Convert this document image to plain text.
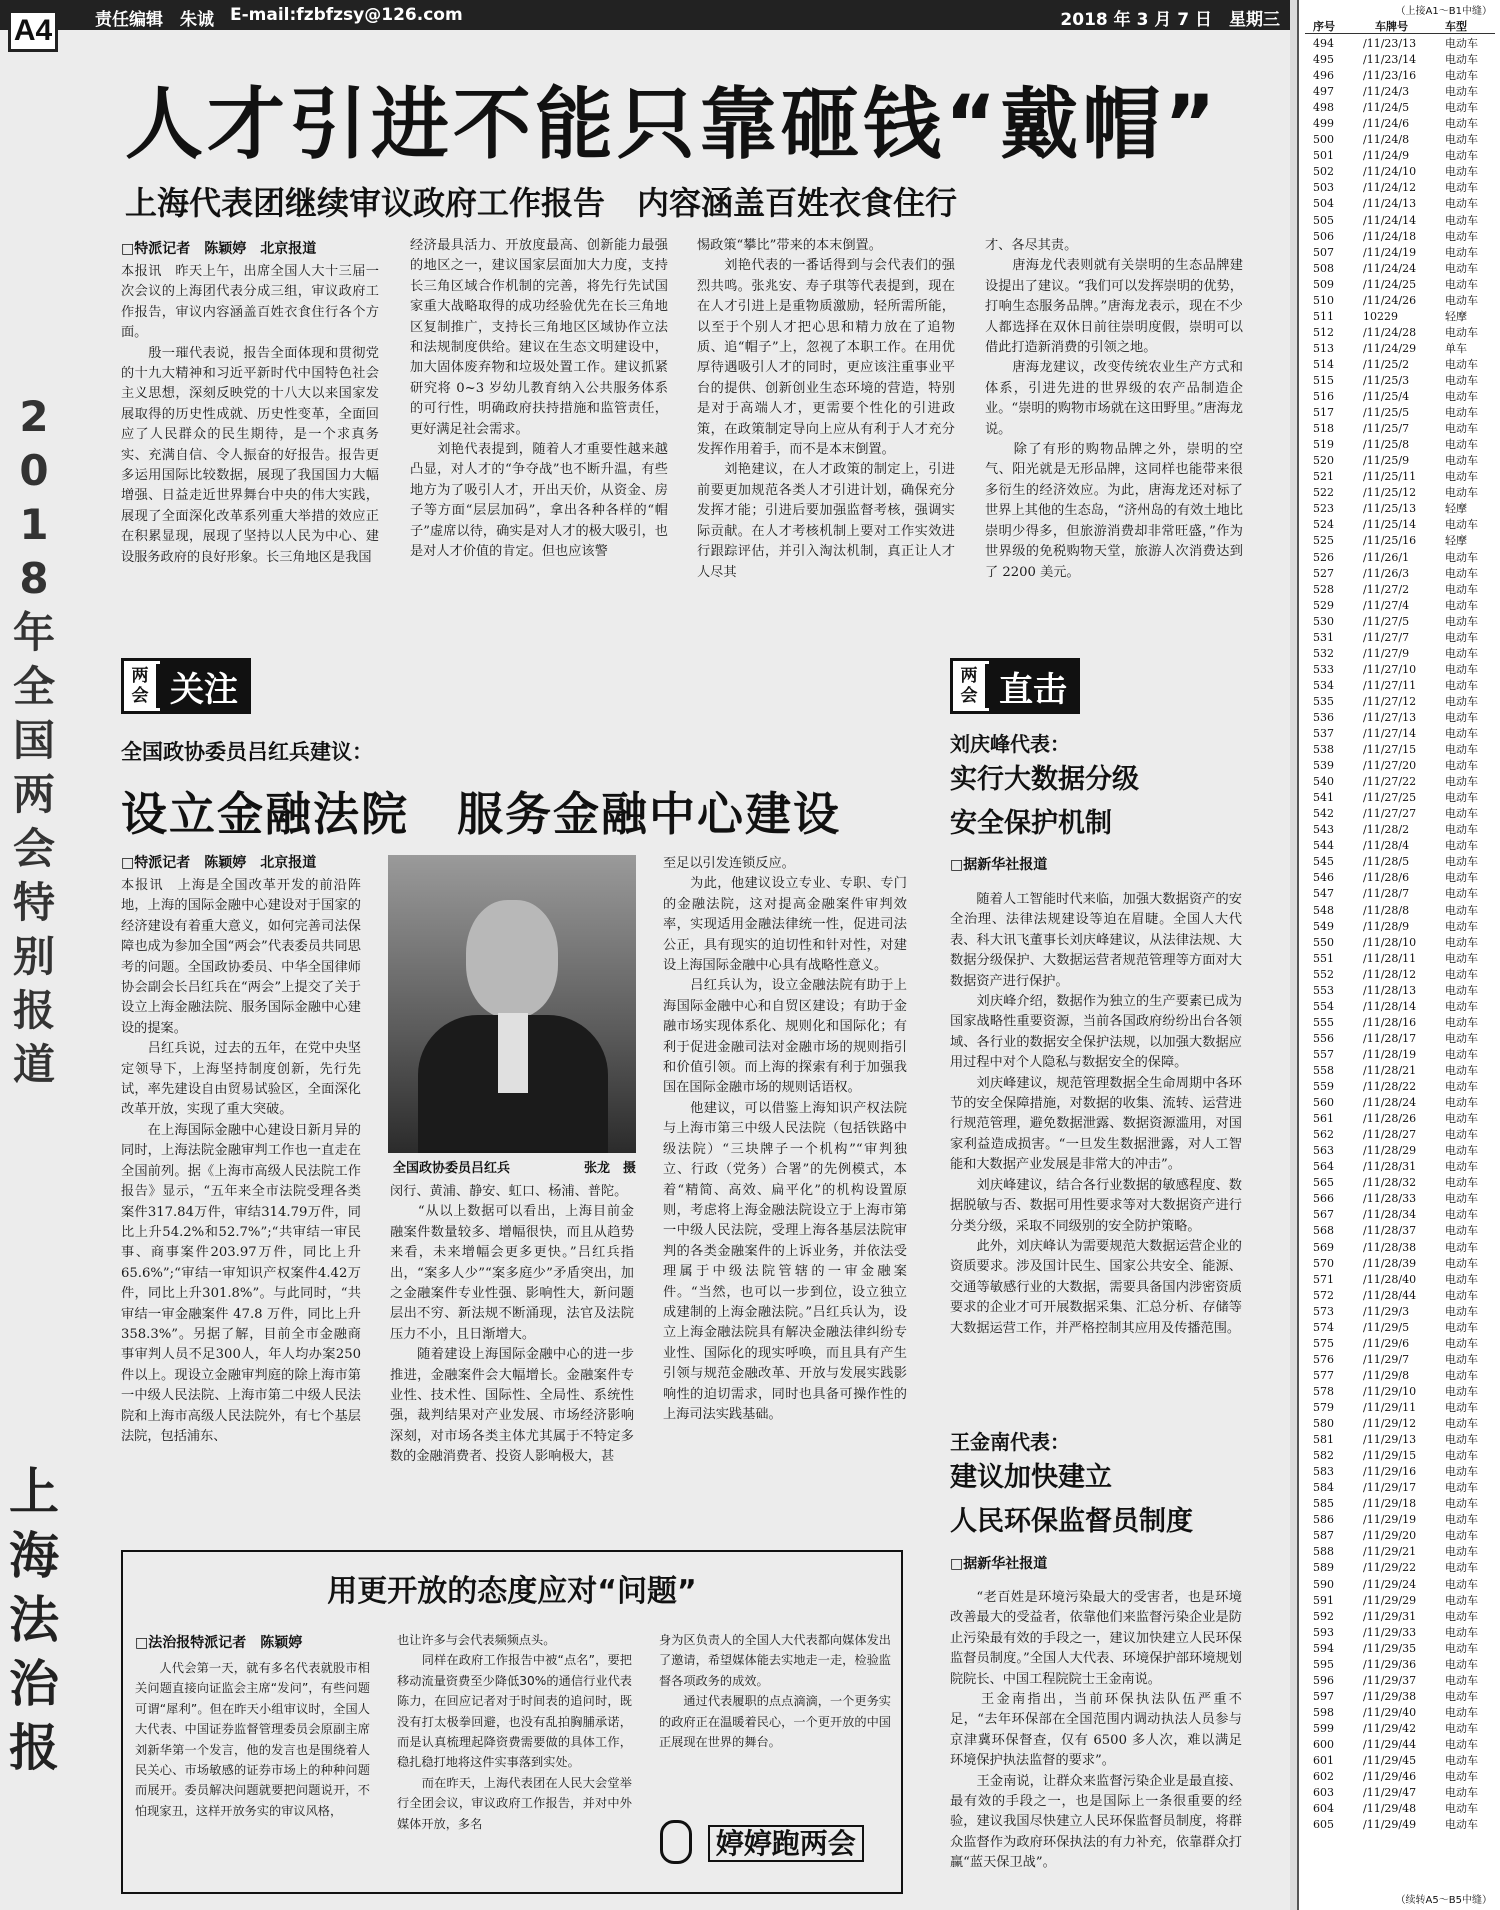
A4	责任编辑　朱诚 E-mail:fzbfzsy@126.com	2018 年 3 月 7 日　星期三
2
0
1
8
年
全
国
两
会
特
别
报
道
上
海
法
治
报
人才引进不能只靠砸钱“戴帽”
上海代表团继续审议政府工作报告　内容涵盖百姓衣食住行
□特派记者　陈颖婷　北京报道
本报讯　昨天上午，出席全国人大十三届一次会议的上海团代表分成三组，审议政府工作报告，审议内容涵盖百姓衣食住行各个方面。
　　殷一璀代表说，报告全面体现和贯彻党的十九大精神和习近平新时代中国特色社会主义思想，深刻反映党的十八大以来国家发展取得的历史性成就、历史性变革，全面回应了人民群众的民生期待，是一个求真务实、充满自信、令人振奋的好报告。报告更多运用国际比较数据，展现了我国国力大幅增强、日益走近世界舞台中央的伟大实践，展现了全面深化改革系列重大举措的效应正在积累显现，展现了坚持以人民为中心、建设服务政府的良好形象。长三角地区是我国
经济最具活力、开放度最高、创新能力最强的地区之一，建议国家层面加大力度，支持长三角区域合作机制的完善，将先行先试国家重大战略取得的成功经验优先在长三角地区复制推广，支持长三角地区区域协作立法和法规制度供给。建议在生态文明建设中，加大固体废弃物和垃圾处置工作。建议抓紧研究将 0~3 岁幼儿教育纳入公共服务体系的可行性，明确政府扶持措施和监管责任，更好满足社会需求。
　　刘艳代表提到，随着人才重要性越来越凸显，对人才的“争夺战”也不断升温，有些地方为了吸引人才，开出天价，从资金、房子等方面“层层加码”，拿出各种各样的“帽子”虚席以待，确实是对人才的极大吸引，也是对人才价值的肯定。但也应该警
惕政策“攀比”带来的本末倒置。
　　刘艳代表的一番话得到与会代表们的强烈共鸣。张兆安、寿子琪等代表提到，现在在人才引进上是重物质激励，轻所需所能，以至于个别人才把心思和精力放在了追物质、追“帽子”上，忽视了本职工作。在用优厚待遇吸引人才的同时，更应该注重事业平台的提供、创新创业生态环境的营造，特别是对于高端人才，更需要个性化的引进政策，在政策制定导向上应从有利于人才充分发挥作用着手，而不是本末倒置。
　　刘艳建议，在人才政策的制定上，引进前要更加规范各类人才引进计划，确保充分发挥才能；引进后要加强监督考核，强调实际贡献。在人才考核机制上要对工作实效进行跟踪评估，并引入淘汰机制，真正让人才人尽其
才、各尽其责。
　　唐海龙代表则就有关崇明的生态品牌建设提出了建议。“我们可以发挥崇明的优势，打响生态服务品牌。”唐海龙表示，现在不少人都选择在双休日前往崇明度假，崇明可以借此打造新消费的引领之地。
　　唐海龙建议，改变传统农业生产方式和体系，引进先进的世界级的农产品制造企业。“崇明的购物市场就在这田野里。”唐海龙说。
　　除了有形的购物品牌之外，崇明的空气、阳光就是无形品牌，这同样也能带来很多衍生的经济效应。为此，唐海龙还对标了世界上其他的生态岛，“济州岛的有效土地比崇明少得多，但旅游消费却非常旺盛，”作为世界级的免税购物天堂，旅游人次消费达到了 2200 美元。
两会 关注
全国政协委员吕红兵建议：
设立金融法院　服务金融中心建设
□特派记者　陈颖婷　北京报道
本报讯　上海是全国改革开发的前沿阵地，上海的国际金融中心建设对于国家的经济建设有着重大意义，如何完善司法保障也成为参加全国“两会”代表委员共同思考的问题。全国政协委员、中华全国律师协会副会长吕红兵在“两会”上提交了关于设立上海金融法院、服务国际金融中心建设的提案。
　　吕红兵说，过去的五年，在党中央坚定领导下，上海坚持制度创新，先行先试，率先建设自由贸易试验区，全面深化改革开放，实现了重大突破。
　　在上海国际金融中心建设日新月异的同时，上海法院金融审判工作也一直走在全国前列。据《上海市高级人民法院工作报告》显示，“五年来全市法院受理各类案件317.84万件，审结314.79万件，同比上升54.2%和52.7%”;“共审结一审民事、商事案件203.97万件，同比上升65.6%”;“审结一审知识产权案件4.42万件，同比上升301.8%”。与此同时，“共审结一审金融案件 47.8 万件，同比上升358.3%”。另据了解，目前全市金融商事审判人员不足300人，年人均办案250件以上。现设立金融审判庭的除上海市第一中级人民法院、上海市第二中级人民法院和上海市高级人民法院外，有七个基层法院，包括浦东、
全国政协委员吕红兵	张龙　摄
闵行、黄浦、静安、虹口、杨浦、普陀。
　　“从以上数据可以看出，上海目前金融案件数量较多、增幅很快，而且从趋势来看，未来增幅会更多更快。”吕红兵指出，“案多人少”“案多庭少”矛盾突出，加之金融案件专业性强、影响性大，新问题层出不穷、新法规不断涌现，法官及法院压力不小，且日渐增大。
　　随着建设上海国际金融中心的进一步推进，金融案件会大幅增长。金融案件专业性、技术性、国际性、全局性、系统性强，裁判结果对产业发展、市场经济影响深刻，对市场各类主体尤其属于不特定多数的金融消费者、投资人影响极大，甚
至足以引发连锁反应。
　　为此，他建议设立专业、专职、专门的金融法院，这对提高金融案件审判效率，实现适用金融法律统一性，促进司法公正，具有现实的迫切性和针对性，对建设上海国际金融中心具有战略性意义。
　　吕红兵认为，设立金融法院有助于上海国际金融中心和自贸区建设；有助于金融市场实现体系化、规则化和国际化；有利于促进金融司法对金融市场的规则指引和价值引领。而上海的探索有利于加强我国在国际金融市场的规则话语权。
　　他建议，可以借鉴上海知识产权法院与上海市第三中级人民法院（包括铁路中级法院）“三块牌子一个机构”“审判独立、行政（党务）合署”的先例模式，本着“精简、高效、扁平化”的机构设置原则，考虑将上海金融法院设立于上海市第一中级人民法院，受理上海各基层法院审判的各类金融案件的上诉业务，并依法受理属于中级法院管辖的一审金融案件。“当然，也可以一步到位，设立独立成建制的上海金融法院。”吕红兵认为，设立上海金融法院具有解决金融法律纠纷专业性、国际化的现实呼唤，而且具有产生引领与规范金融改革、开放与发展实践影响性的迫切需求，同时也具备可操作性的上海司法实践基础。
两会 直击
刘庆峰代表：
实行大数据分级
安全保护机制
□据新华社报道
随着人工智能时代来临，加强大数据资产的安全治理、法律法规建设等迫在眉睫。全国人大代表、科大讯飞董事长刘庆峰建议，从法律法规、大数据分级保护、大数据运营者规范管理等方面对大数据资产进行保护。
　　刘庆峰介绍，数据作为独立的生产要素已成为国家战略性重要资源，当前各国政府纷纷出台各领域、各行业的数据安全保护法规，以加强大数据应用过程中对个人隐私与数据安全的保障。
　　刘庆峰建议，规范管理数据全生命周期中各环节的安全保障措施，对数据的收集、流转、运营进行规范管理，避免数据泄露、数据资源滥用，对国家利益造成损害。“一旦发生数据泄露，对人工智能和大数据产业发展是非常大的冲击”。
　　刘庆峰建议，结合各行业数据的敏感程度、数据脱敏与否、数据可用性要求等对大数据资产进行分类分级，采取不同级别的安全防护策略。
　　此外，刘庆峰认为需要规范大数据运营企业的资质要求。涉及国计民生、国家公共安全、能源、交通等敏感行业的大数据，需要具备国内涉密资质要求的企业才可开展数据采集、汇总分析、存储等大数据运营工作，并严格控制其应用及传播范围。
王金南代表：
建议加快建立
人民环保监督员制度
□据新华社报道
“老百姓是环境污染最大的受害者，也是环境改善最大的受益者，依靠他们来监督污染企业是防止污染最有效的手段之一，建议加快建立人民环保监督员制度。”全国人大代表、环境保护部环境规划院院长、中国工程院院士王金南说。
　　王金南指出，当前环保执法队伍严重不足，“去年环保部在全国范围内调动执法人员参与京津冀环保督查，仅有 6500 多人次，难以满足环境保护执法监督的要求”。
　　王金南说，让群众来监督污染企业是最直接、最有效的手段之一，也是国际上一条很重要的经验，建议我国尽快建立人民环保监督员制度，将群众监督作为政府环保执法的有力补充，依靠群众打赢“蓝天保卫战”。
用更开放的态度应对“问题”
□法治报特派记者　陈颖婷
人代会第一天，就有多名代表就股市相关问题直接向证监会主席“发问”，有些问题可谓“犀利”。但在昨天小组审议时，全国人大代表、中国证券监督管理委员会原副主席刘新华第一个发言，他的发言也是围绕着人民关心、市场敏感的证券市场上的种种问题而展开。委员解决问题就要把问题说开，不怕现家丑，这样开放务实的审议风格，
也让许多与会代表频频点头。
　　同样在政府工作报告中被“点名”，要把移动流量资费至少降低30%的通信行业代表陈力，在回应记者对于时间表的追问时，既没有打太极拳回避，也没有乱拍胸脯承诺，而是认真梳理起降资费需要做的具体工作，稳扎稳打地将这件实事落到实处。
　　而在昨天，上海代表团在人民大会堂举行全团会议，审议政府工作报告，并对中外媒体开放，多名
身为区负责人的全国人大代表都向媒体发出了邀请，希望媒体能去实地走一走，检验监督各项政务的成效。
　　通过代表履职的点点滴滴，一个更务实的政府正在温暖着民心，一个更开放的中国正展现在世界的舞台。
婷婷跑两会
（上接A1～B1中缝）
序号	车牌号	车型
494	/11/23/13	电动车
495	/11/23/14	电动车
496	/11/23/16	电动车
497	/11/24/3	电动车
498	/11/24/5	电动车
499	/11/24/6	电动车
500	/11/24/8	电动车
501	/11/24/9	电动车
502	/11/24/10	电动车
503	/11/24/12	电动车
504	/11/24/13	电动车
505	/11/24/14	电动车
506	/11/24/18	电动车
507	/11/24/19	电动车
508	/11/24/24	电动车
509	/11/24/25	电动车
510	/11/24/26	电动车
511	10229	轻摩
512	/11/24/28	电动车
513	/11/24/29	单车
514	/11/25/2	电动车
515	/11/25/3	电动车
516	/11/25/4	电动车
517	/11/25/5	电动车
518	/11/25/7	电动车
519	/11/25/8	电动车
520	/11/25/9	电动车
521	/11/25/11	电动车
522	/11/25/12	电动车
523	/11/25/13	轻摩
524	/11/25/14	电动车
525	/11/25/16	轻摩
526	/11/26/1	电动车
527	/11/26/3	电动车
528	/11/27/2	电动车
529	/11/27/4	电动车
530	/11/27/5	电动车
531	/11/27/7	电动车
532	/11/27/9	电动车
533	/11/27/10	电动车
534	/11/27/11	电动车
535	/11/27/12	电动车
536	/11/27/13	电动车
537	/11/27/14	电动车
538	/11/27/15	电动车
539	/11/27/20	电动车
540	/11/27/22	电动车
541	/11/27/25	电动车
542	/11/27/27	电动车
543	/11/28/2	电动车
544	/11/28/4	电动车
545	/11/28/5	电动车
546	/11/28/6	电动车
547	/11/28/7	电动车
548	/11/28/8	电动车
549	/11/28/9	电动车
550	/11/28/10	电动车
551	/11/28/11	电动车
552	/11/28/12	电动车
553	/11/28/13	电动车
554	/11/28/14	电动车
555	/11/28/16	电动车
556	/11/28/17	电动车
557	/11/28/19	电动车
558	/11/28/21	电动车
559	/11/28/22	电动车
560	/11/28/24	电动车
561	/11/28/26	电动车
562	/11/28/27	电动车
563	/11/28/29	电动车
564	/11/28/31	电动车
565	/11/28/32	电动车
566	/11/28/33	电动车
567	/11/28/34	电动车
568	/11/28/37	电动车
569	/11/28/38	电动车
570	/11/28/39	电动车
571	/11/28/40	电动车
572	/11/28/44	电动车
573	/11/29/3	电动车
574	/11/29/5	电动车
575	/11/29/6	电动车
576	/11/29/7	电动车
577	/11/29/8	电动车
578	/11/29/10	电动车
579	/11/29/11	电动车
580	/11/29/12	电动车
581	/11/29/13	电动车
582	/11/29/15	电动车
583	/11/29/16	电动车
584	/11/29/17	电动车
585	/11/29/18	电动车
586	/11/29/19	电动车
587	/11/29/20	电动车
588	/11/29/21	电动车
589	/11/29/22	电动车
590	/11/29/24	电动车
591	/11/29/29	电动车
592	/11/29/31	电动车
593	/11/29/33	电动车
594	/11/29/35	电动车
595	/11/29/36	电动车
596	/11/29/37	电动车
597	/11/29/38	电动车
598	/11/29/40	电动车
599	/11/29/42	电动车
600	/11/29/44	电动车
601	/11/29/45	电动车
602	/11/29/46	电动车
603	/11/29/47	电动车
604	/11/29/48	电动车
605	/11/29/49	电动车
（续转A5～B5中缝）
